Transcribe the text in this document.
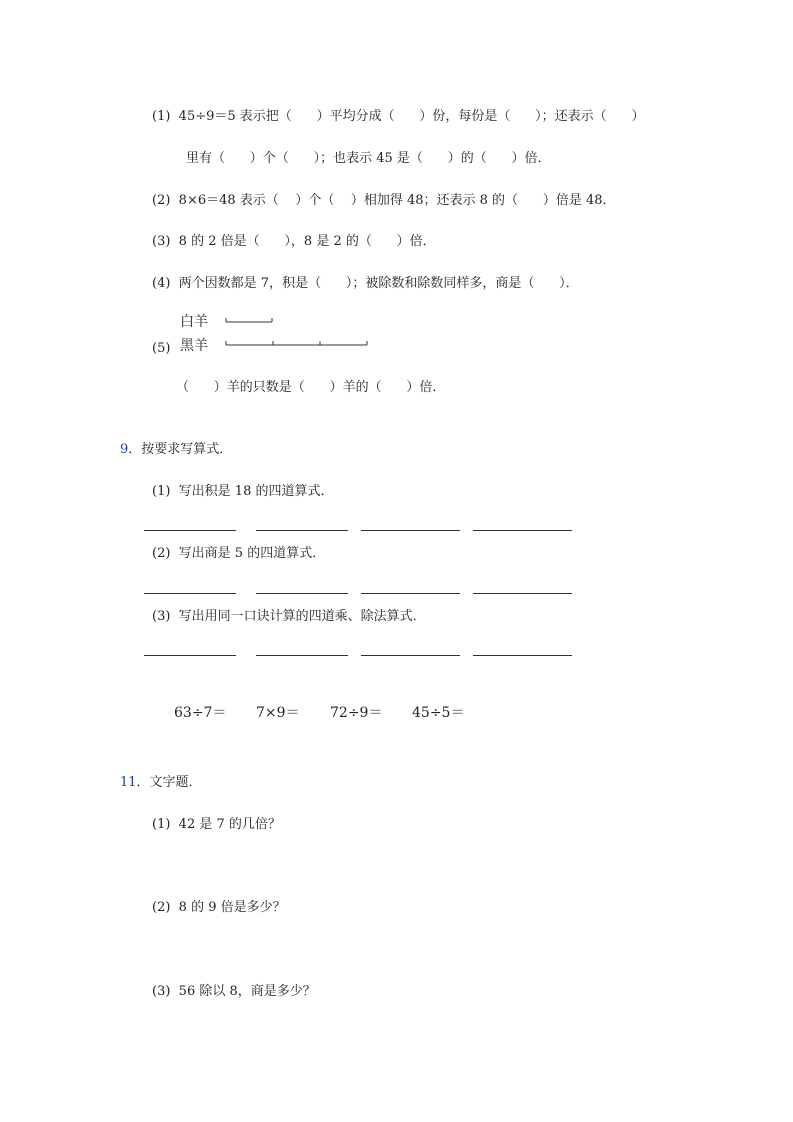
(1)  45÷9＝5 表示把（      ）平均分成（      ）份，每份是（      ）；还表示（      ）
里有（      ）个（      ）；也表示 45 是（      ）的（      ）倍．
(2)  8×6＝48 表示（    ）个（    ）相加得 48；还表示 8 的（      ）倍是 48．
(3)  8 的 2 倍是（      ），8 是 2 的（      ）倍．
(4)  两个因数都是 7，积是（      ）；被除数和除数同样多，商是（      ）．
白羊
黑羊
(5)
（      ）羊的只数是（      ）羊的（      ）倍．
9．按要求写算式．
(1)  写出积是 18 的四道算式．
(2)  写出商是 5 的四道算式．
(3)  写出用同一口诀计算的四道乘、除法算式．
63÷7＝ 7×9＝ 72÷9＝ 45÷5＝
11．文字题．
(1)  42 是 7 的几倍？
(2)  8 的 9 倍是多少？
(3)  56 除以 8，商是多少？
